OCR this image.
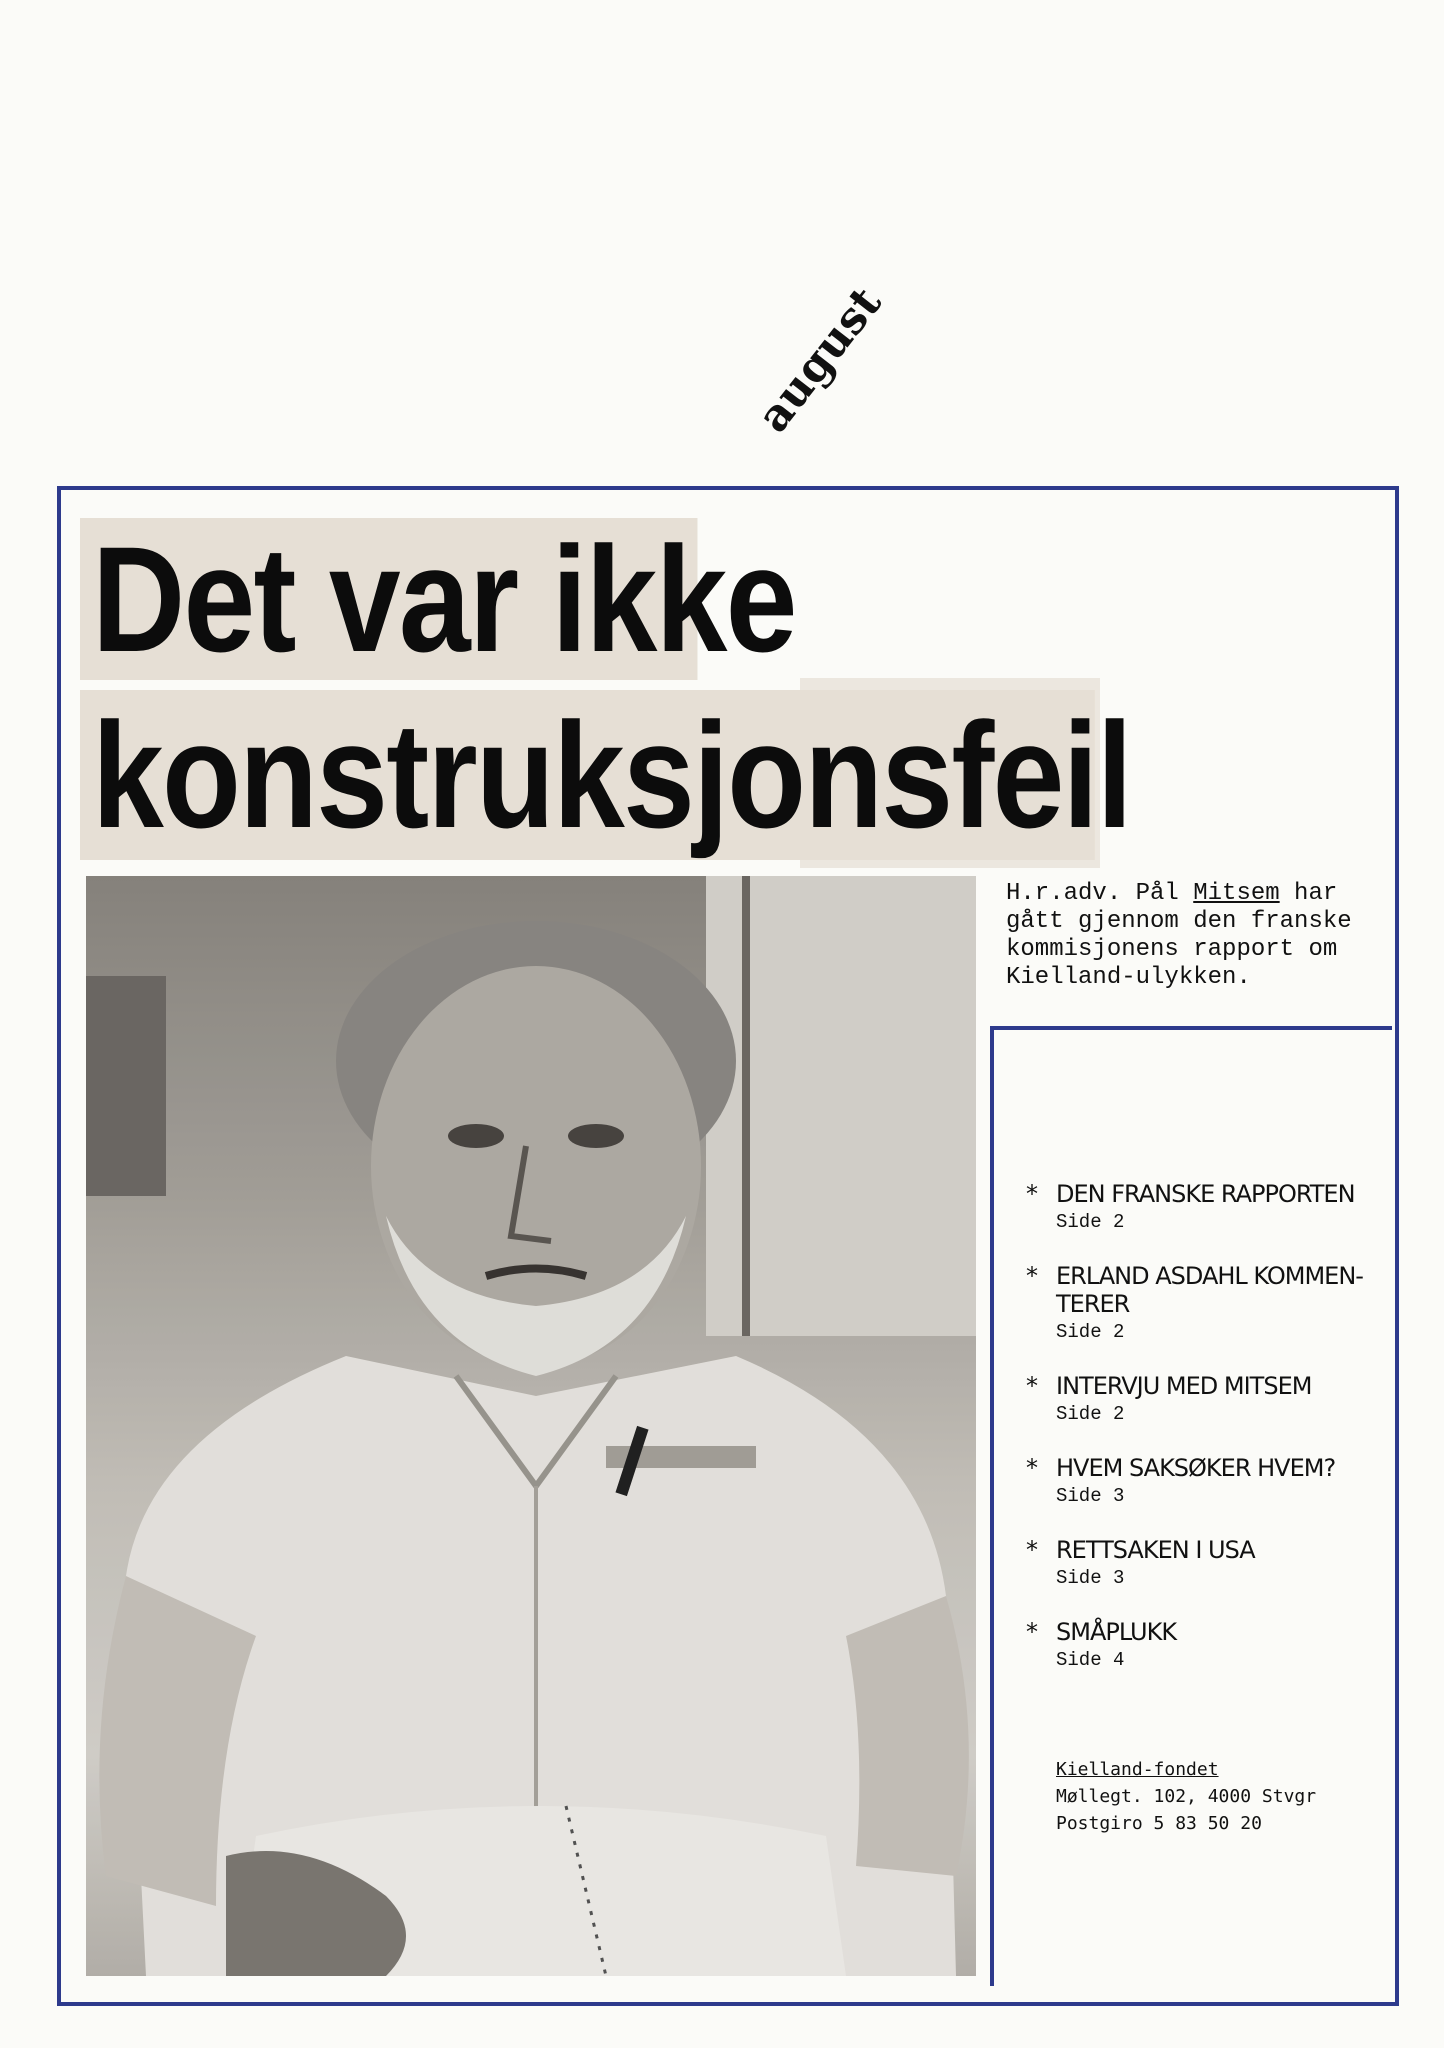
august
Det var ikke
konstruksjonsfeil
H.r.adv. Pål Mitsem har
gått gjennom den franske
kommisjonens rapport om
Kielland-ulykken.
* DEN FRANSKE RAPPORTEN
Side 2
* ERLAND ASDAHL KOMMEN-
TERER
Side 2
* INTERVJU MED MITSEM
Side 2
* HVEM SAKSØKER HVEM?
Side 3
* RETTSAKEN I USA
Side 3
* SMÅPLUKK
Side 4
Kielland-fondet
Møllegt. 102, 4000 Stvgr
Postgiro 5 83 50 20
